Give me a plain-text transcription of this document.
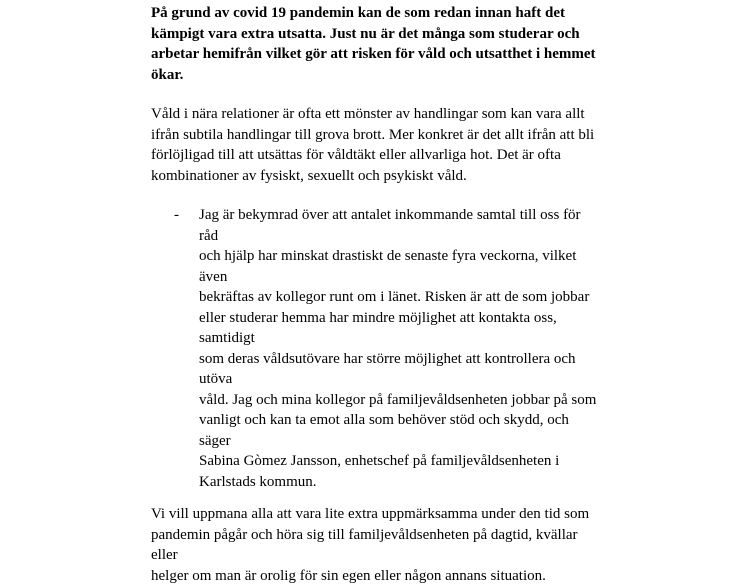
På grund av covid 19 pandemin kan de som redan innan haft det
kämpigt vara extra utsatta. Just nu är det många som studerar och
arbetar hemifrån vilket gör att risken för våld och utsatthet i hemmet
ökar.

Våld i nära relationer är ofta ett mönster av handlingar som kan vara allt
ifrån subtila handlingar till grova brott. Mer konkret är det allt ifrån att bli
förlöjligad till att utsättas för våldtäkt eller allvarliga hot. Det är ofta
kombinationer av fysiskt, sexuellt och psykiskt våld.

- Jag är bekymrad över att antalet inkommande samtal till oss för råd
och hjälp har minskat drastiskt de senaste fyra veckorna, vilket även
bekräftas av kollegor runt om i länet. Risken är att de som jobbar
eller studerar hemma har mindre möjlighet att kontakta oss, samtidigt
som deras våldsutövare har större möjlighet att kontrollera och utöva
våld. Jag och mina kollegor på familjevåldsenheten jobbar på som
vanligt och kan ta emot alla som behöver stöd och skydd, och säger
Sabina Gòmez Jansson, enhetschef på familjevåldsenheten i
Karlstads kommun.

Vi vill uppmana alla att vara lite extra uppmärksamma under den tid som
pandemin pågår och höra sig till familjevåldsenheten på dagtid, kvällar eller
helger om man är orolig för sin egen eller någon annans situation.
